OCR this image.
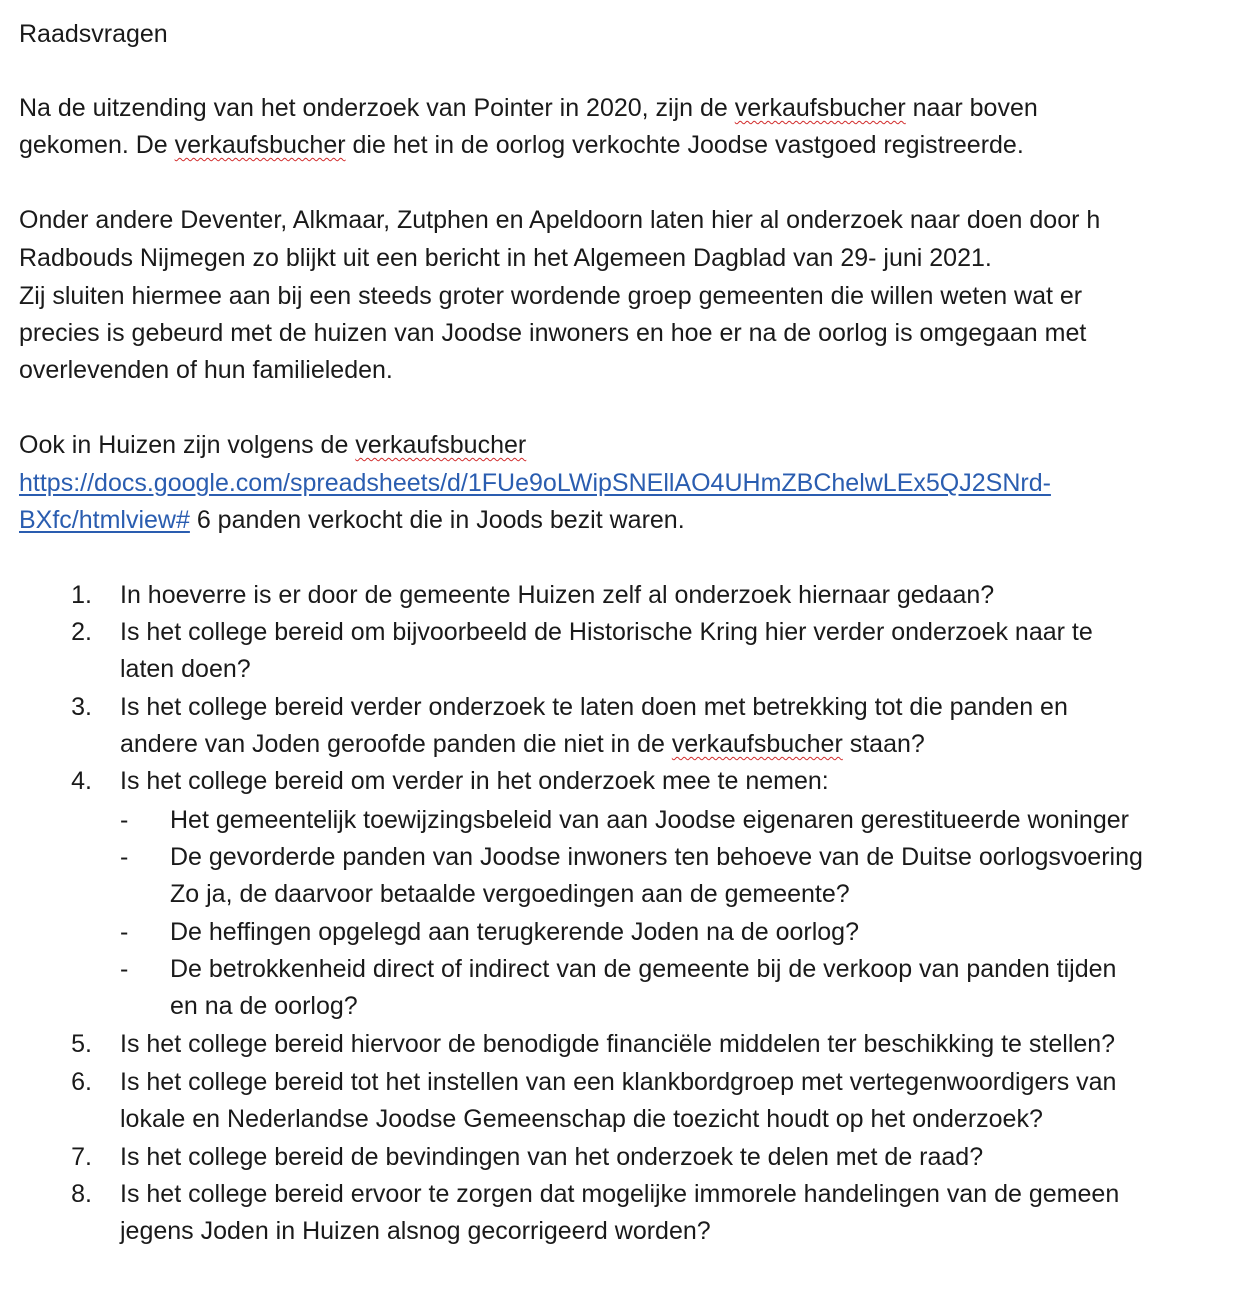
Raadsvragen
Na de uitzending van het onderzoek van Pointer in 2020, zijn de verkaufsbucher naar boven
gekomen. De verkaufsbucher die het in de oorlog verkochte Joodse vastgoed registreerde.
Onder andere Deventer, Alkmaar, Zutphen en Apeldoorn laten hier al onderzoek naar doen door h
Radbouds Nijmegen zo blijkt uit een bericht in het Algemeen Dagblad van 29- juni 2021.
Zij sluiten hiermee aan bij een steeds groter wordende groep gemeenten die willen weten wat er
precies is gebeurd met de huizen van Joodse inwoners en hoe er na de oorlog is omgegaan met
overlevenden of hun familieleden.
Ook in Huizen zijn volgens de verkaufsbucher
https://docs.google.com/spreadsheets/d/1FUe9oLWipSNEllAO4UHmZBChelwLEx5QJ2SNrd-
BXfc/htmlview# 6 panden verkocht die in Joods bezit waren.
1. In hoeverre is er door de gemeente Huizen zelf al onderzoek hiernaar gedaan?
2. Is het college bereid om bijvoorbeeld de Historische Kring hier verder onderzoek naar te
laten doen?
3. Is het college bereid verder onderzoek te laten doen met betrekking tot die panden en
andere van Joden geroofde panden die niet in de verkaufsbucher staan?
4. Is het college bereid om verder in het onderzoek mee te nemen:
- Het gemeentelijk toewijzingsbeleid van aan Joodse eigenaren gerestitueerde woninger
- De gevorderde panden van Joodse inwoners ten behoeve van de Duitse oorlogsvoering
Zo ja, de daarvoor betaalde vergoedingen aan de gemeente?
- De heffingen opgelegd aan terugkerende Joden na de oorlog?
- De betrokkenheid direct of indirect van de gemeente bij de verkoop van panden tijden
en na de oorlog?
5. Is het college bereid hiervoor de benodigde financiële middelen ter beschikking te stellen?
6. Is het college bereid tot het instellen van een klankbordgroep met vertegenwoordigers van
lokale en Nederlandse Joodse Gemeenschap die toezicht houdt op het onderzoek?
7. Is het college bereid de bevindingen van het onderzoek te delen met de raad?
8. Is het college bereid ervoor te zorgen dat mogelijke immorele handelingen van de gemeen
jegens Joden in Huizen alsnog gecorrigeerd worden?
